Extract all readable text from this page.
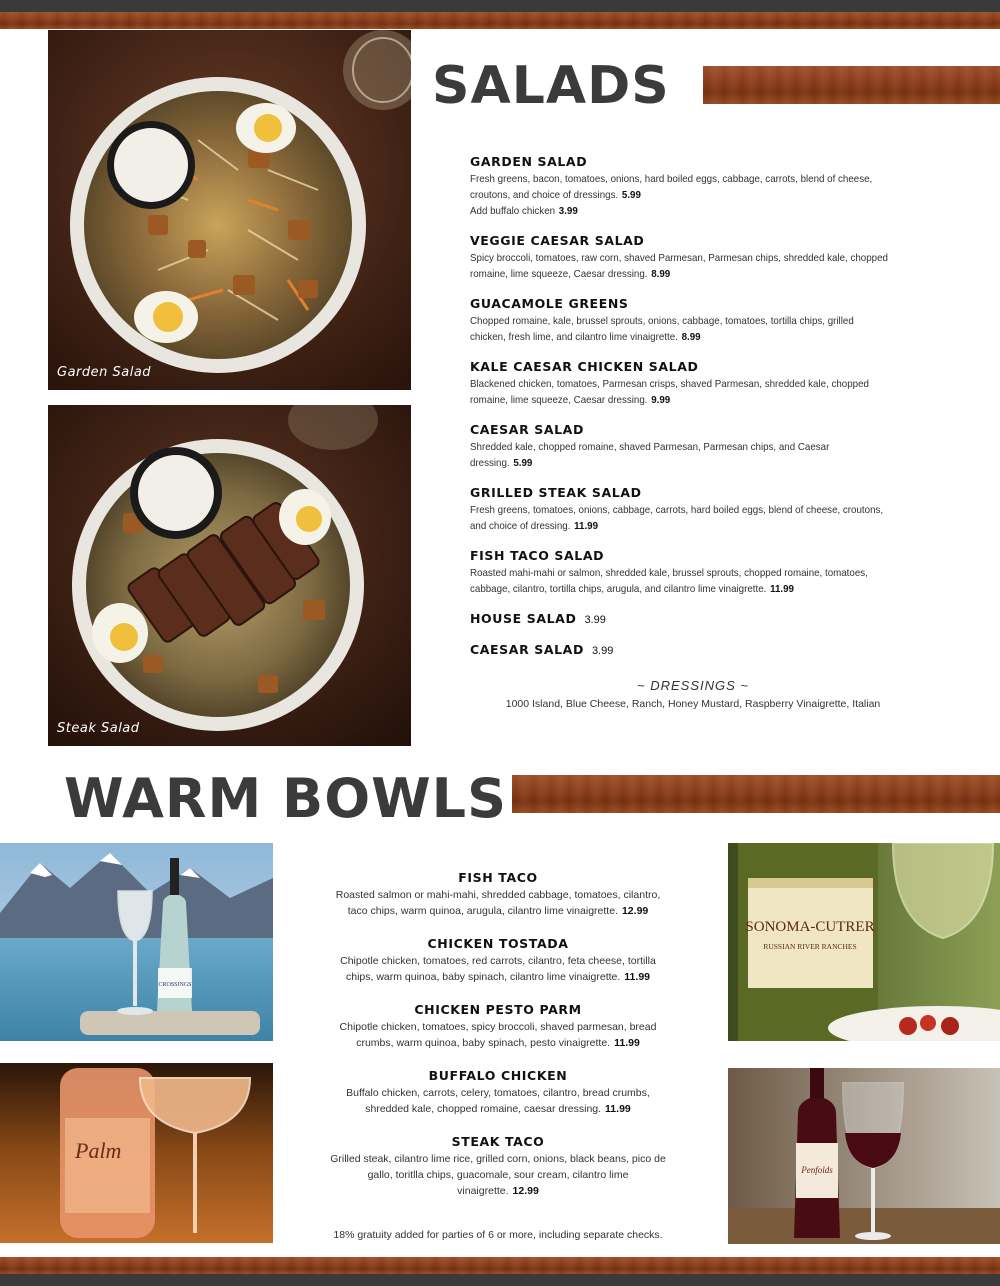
Garden Salad
Steak Salad
SALADS
GARDEN SALAD
Fresh greens, bacon, tomatoes, onions, hard boiled eggs, cabbage, carrots, blend of cheese, croutons, and choice of dressings. 5.99
Add buffalo chicken 3.99
VEGGIE CAESAR SALAD
Spicy broccoli, tomatoes, raw corn, shaved Parmesan, Parmesan chips, shredded kale, chopped romaine, lime squeeze, Caesar dressing. 8.99
GUACAMOLE GREENS
Chopped romaine, kale, brussel sprouts, onions, cabbage, tomatoes, tortilla chips, grilled chicken, fresh lime, and cilantro lime vinaigrette. 8.99
KALE CAESAR CHICKEN SALAD
Blackened chicken, tomatoes, Parmesan crisps, shaved Parmesan, shredded kale, chopped romaine, lime squeeze, Caesar dressing. 9.99
CAESAR SALAD
Shredded kale, chopped romaine, shaved Parmesan, Parmesan chips, and Caesar dressing. 5.99
GRILLED STEAK SALAD
Fresh greens, tomatoes, onions, cabbage, carrots, hard boiled eggs, blend of cheese, croutons, and choice of dressing. 11.99
FISH TACO SALAD
Roasted mahi-mahi or salmon, shredded kale, brussel sprouts, chopped romaine, tomatoes, cabbage, cilantro, tortilla chips, arugula, and cilantro lime vinaigrette. 11.99
HOUSE SALAD 3.99
CAESAR SALAD 3.99
~ DRESSINGS ~
1000 Island, Blue Cheese, Ranch, Honey Mustard, Raspberry Vinaigrette, Italian
WARM BOWLS
CROSSINGS
Palm
SONOMA-CUTRER
RUSSIAN RIVER RANCHES
Penfolds
FISH TACO
Roasted salmon or mahi-mahi, shredded cabbage, tomatoes, cilantro, taco chips, warm quinoa, arugula, cilantro lime vinaigrette. 12.99
CHICKEN TOSTADA
Chipotle chicken, tomatoes, red carrots, cilantro, feta cheese, tortilla chips, warm quinoa, baby spinach, cilantro lime vinaigrette. 11.99
CHICKEN PESTO PARM
Chipotle chicken, tomatoes, spicy broccoli, shaved parmesan, bread crumbs, warm quinoa, baby spinach, pesto vinaigrette. 11.99
BUFFALO CHICKEN
Buffalo chicken, carrots, celery, tomatoes, cilantro, bread crumbs, shredded kale, chopped romaine, caesar dressing. 11.99
STEAK TACO
Grilled steak, cilantro lime rice, grilled corn, onions, black beans, pico de gallo, toritlla chips, guacomale, sour cream, cilantro lime vinaigrette. 12.99
18% gratuity added for parties of 6 or more, including separate checks.
